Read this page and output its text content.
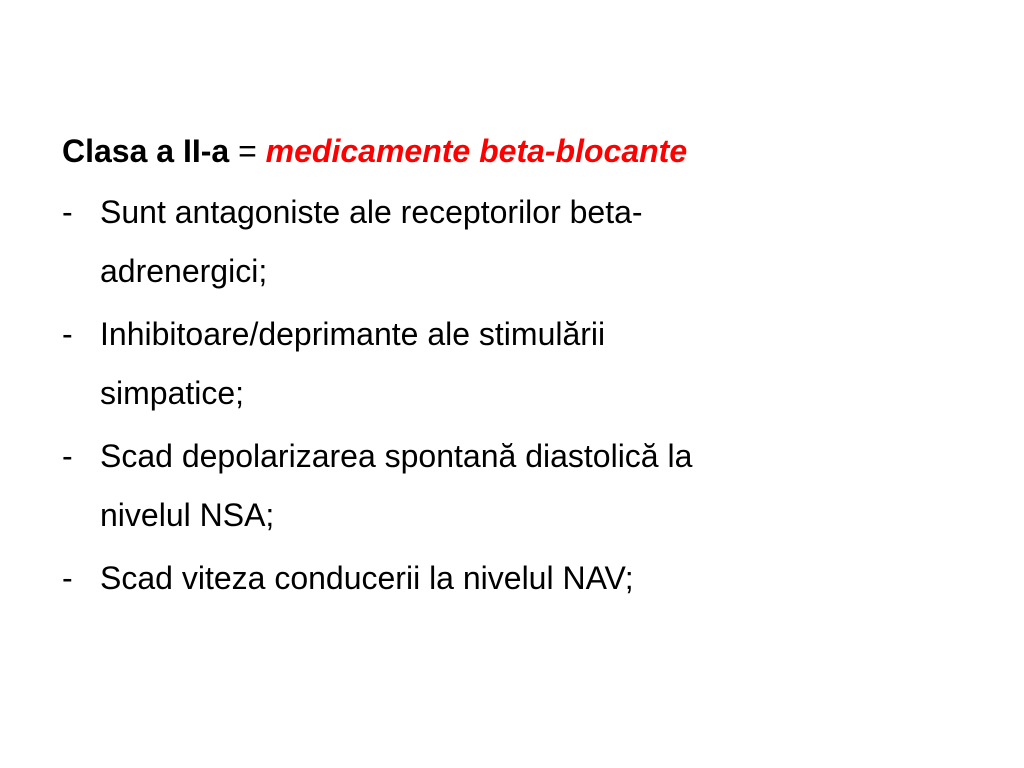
Clasa a II-a = medicamente beta-blocante
- Sunt antagoniste ale receptorilor beta-
adrenergici;
- Inhibitoare/deprimante ale stimulării
simpatice;
- Scad depolarizarea spontană diastolică la
nivelul NSA;
- Scad viteza conducerii la nivelul NAV;
